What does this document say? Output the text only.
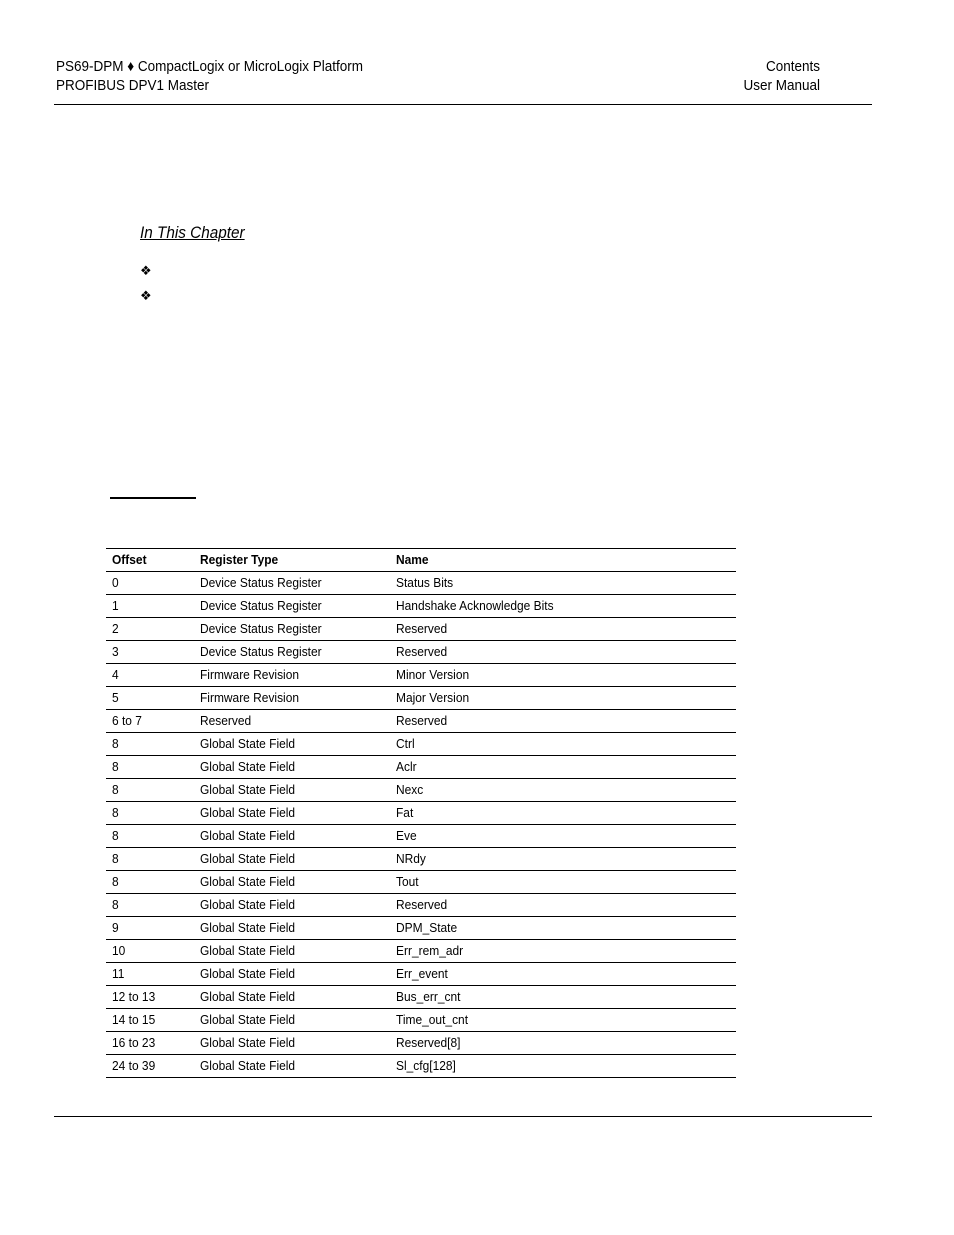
PS69-DPM ♦ CompactLogix or MicroLogix Platform
PROFIBUS DPV1 Master
Contents
User Manual
In This Chapter
❖
❖
Offset	Register Type	Name
0	Device Status Register	Status Bits
1	Device Status Register	Handshake Acknowledge Bits
2	Device Status Register	Reserved
3	Device Status Register	Reserved
4	Firmware Revision	Minor Version
5	Firmware Revision	Major Version
6 to 7	Reserved	Reserved
8	Global State Field	Ctrl
8	Global State Field	Aclr
8	Global State Field	Nexc
8	Global State Field	Fat
8	Global State Field	Eve
8	Global State Field	NRdy
8	Global State Field	Tout
8	Global State Field	Reserved
9	Global State Field	DPM_State
10	Global State Field	Err_rem_adr
11	Global State Field	Err_event
12 to 13	Global State Field	Bus_err_cnt
14 to 15	Global State Field	Time_out_cnt
16 to 23	Global State Field	Reserved[8]
24 to 39	Global State Field	Sl_cfg[128]
